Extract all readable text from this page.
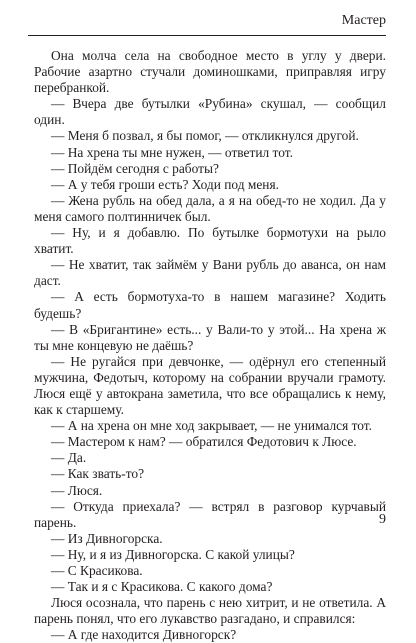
Мастер

Она молча села на свободное место в углу у двери. Рабочие азартно стучали доминошками, приправляя игру перебранкой.

— Вчера две бутылки «Рубина» скушал, — сообщил один.

— Меня б позвал, я бы помог, — откликнулся другой.

— На хрена ты мне нужен, — ответил тот.

— Пойдём сегодня с работы?

— А у тебя гроши есть? Ходи под меня.

— Жена рубль на обед дала, а я на обед-то не ходил. Да у меня самого полтинничек был.

— Ну, и я добавлю. По бутылке бормотухи на рыло хватит.

— Не хватит, так займём у Вани рубль до аванса, он нам даст.

— А есть бормотуха-то в нашем магазине? Ходить будешь?

— В «Бригантине» есть... у Вали-то у этой... На хрена ж ты мне концевую не даёшь?

— Не ругайся при девчонке, — одёрнул его степенный мужчина, Федотыч, которому на собрании вручали грамоту. Люся ещё у автокрана заметила, что все обращались к нему, как к старшему.

— А на хрена он мне ход закрывает, — не унимался тот.

— Мастером к нам? — обратился Федотович к Люсе.

— Да.

— Как звать-то?

— Люся.

— Откуда приехала? — встрял в разговор курчавый парень.

— Из Дивногорска.

— Ну, и я из Дивногорска. С какой улицы?

— С Красикова.

— Так и я с Красикова. С какого дома?

Люся осознала, что парень с нею хитрит, и не ответила. А парень понял, что его лукавство разгадано, и справился:

— А где находится Дивногорск?

9
